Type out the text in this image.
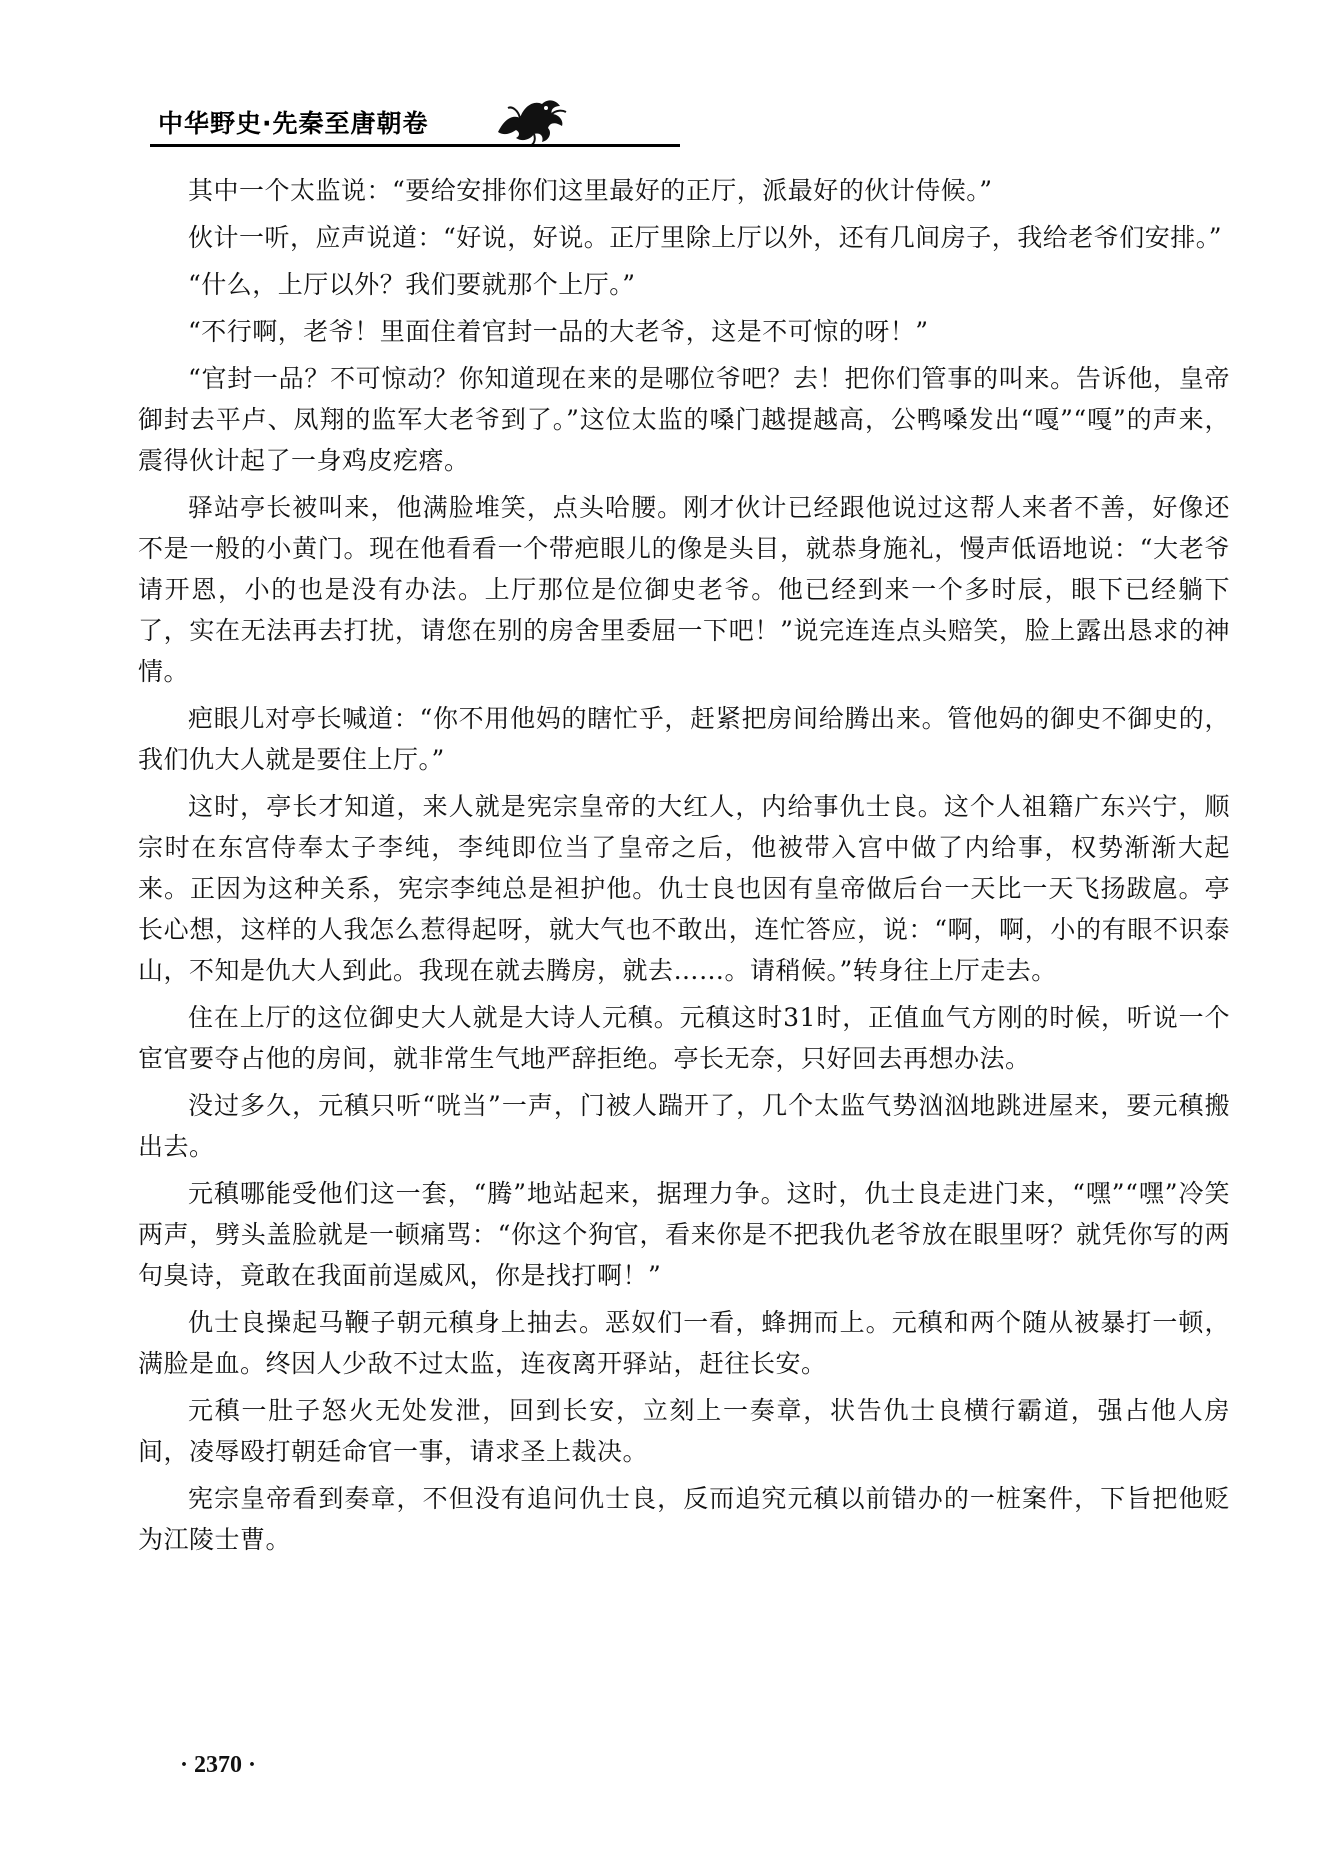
中华野史·先秦至唐朝卷

其中一个太监说：“要给安排你们这里最好的正厅，派最好的伙计侍候。”

伙计一听，应声说道：“好说，好说。正厅里除上厅以外，还有几间房子，我给老爷们安排。”

“什么，上厅以外？我们要就那个上厅。”

“不行啊，老爷！里面住着官封一品的大老爷，这是不可惊的呀！”

“官封一品？不可惊动？你知道现在来的是哪位爷吧？去！把你们管事的叫来。告诉他，皇帝御封去平卢、凤翔的监军大老爷到了。”这位太监的嗓门越提越高，公鸭嗓发出“嘎”“嘎”的声来，震得伙计起了一身鸡皮疙瘩。

驿站亭长被叫来，他满脸堆笑，点头哈腰。刚才伙计已经跟他说过这帮人来者不善，好像还不是一般的小黄门。现在他看看一个带疤眼儿的像是头目，就恭身施礼，慢声低语地说：“大老爷请开恩，小的也是没有办法。上厅那位是位御史老爷。他已经到来一个多时辰，眼下已经躺下了，实在无法再去打扰，请您在别的房舍里委屈一下吧！”说完连连点头赔笑，脸上露出恳求的神情。

疤眼儿对亭长喊道：“你不用他妈的瞎忙乎，赶紧把房间给腾出来。管他妈的御史不御史的，我们仇大人就是要住上厅。”

这时，亭长才知道，来人就是宪宗皇帝的大红人，内给事仇士良。这个人祖籍广东兴宁，顺宗时在东宫侍奉太子李纯，李纯即位当了皇帝之后，他被带入宫中做了内给事，权势渐渐大起来。正因为这种关系，宪宗李纯总是袒护他。仇士良也因有皇帝做后台一天比一天飞扬跋扈。亭长心想，这样的人我怎么惹得起呀，就大气也不敢出，连忙答应，说：“啊，啊，小的有眼不识泰山，不知是仇大人到此。我现在就去腾房，就去……。请稍候。”转身往上厅走去。

住在上厅的这位御史大人就是大诗人元稹。元稹这时31时，正值血气方刚的时候，听说一个宦官要夺占他的房间，就非常生气地严辞拒绝。亭长无奈，只好回去再想办法。

没过多久，元稹只听“咣当”一声，门被人踹开了，几个太监气势汹汹地跳进屋来，要元稹搬出去。

元稹哪能受他们这一套，“腾”地站起来，据理力争。这时，仇士良走进门来，“嘿”“嘿”冷笑两声，劈头盖脸就是一顿痛骂：“你这个狗官，看来你是不把我仇老爷放在眼里呀？就凭你写的两句臭诗，竟敢在我面前逞威风，你是找打啊！”

仇士良操起马鞭子朝元稹身上抽去。恶奴们一看，蜂拥而上。元稹和两个随从被暴打一顿，满脸是血。终因人少敌不过太监，连夜离开驿站，赶往长安。

元稹一肚子怒火无处发泄，回到长安，立刻上一奏章，状告仇士良横行霸道，强占他人房间，凌辱殴打朝廷命官一事，请求圣上裁决。

宪宗皇帝看到奏章，不但没有追问仇士良，反而追究元稹以前错办的一桩案件，下旨把他贬为江陵士曹。

· 2370 ·
